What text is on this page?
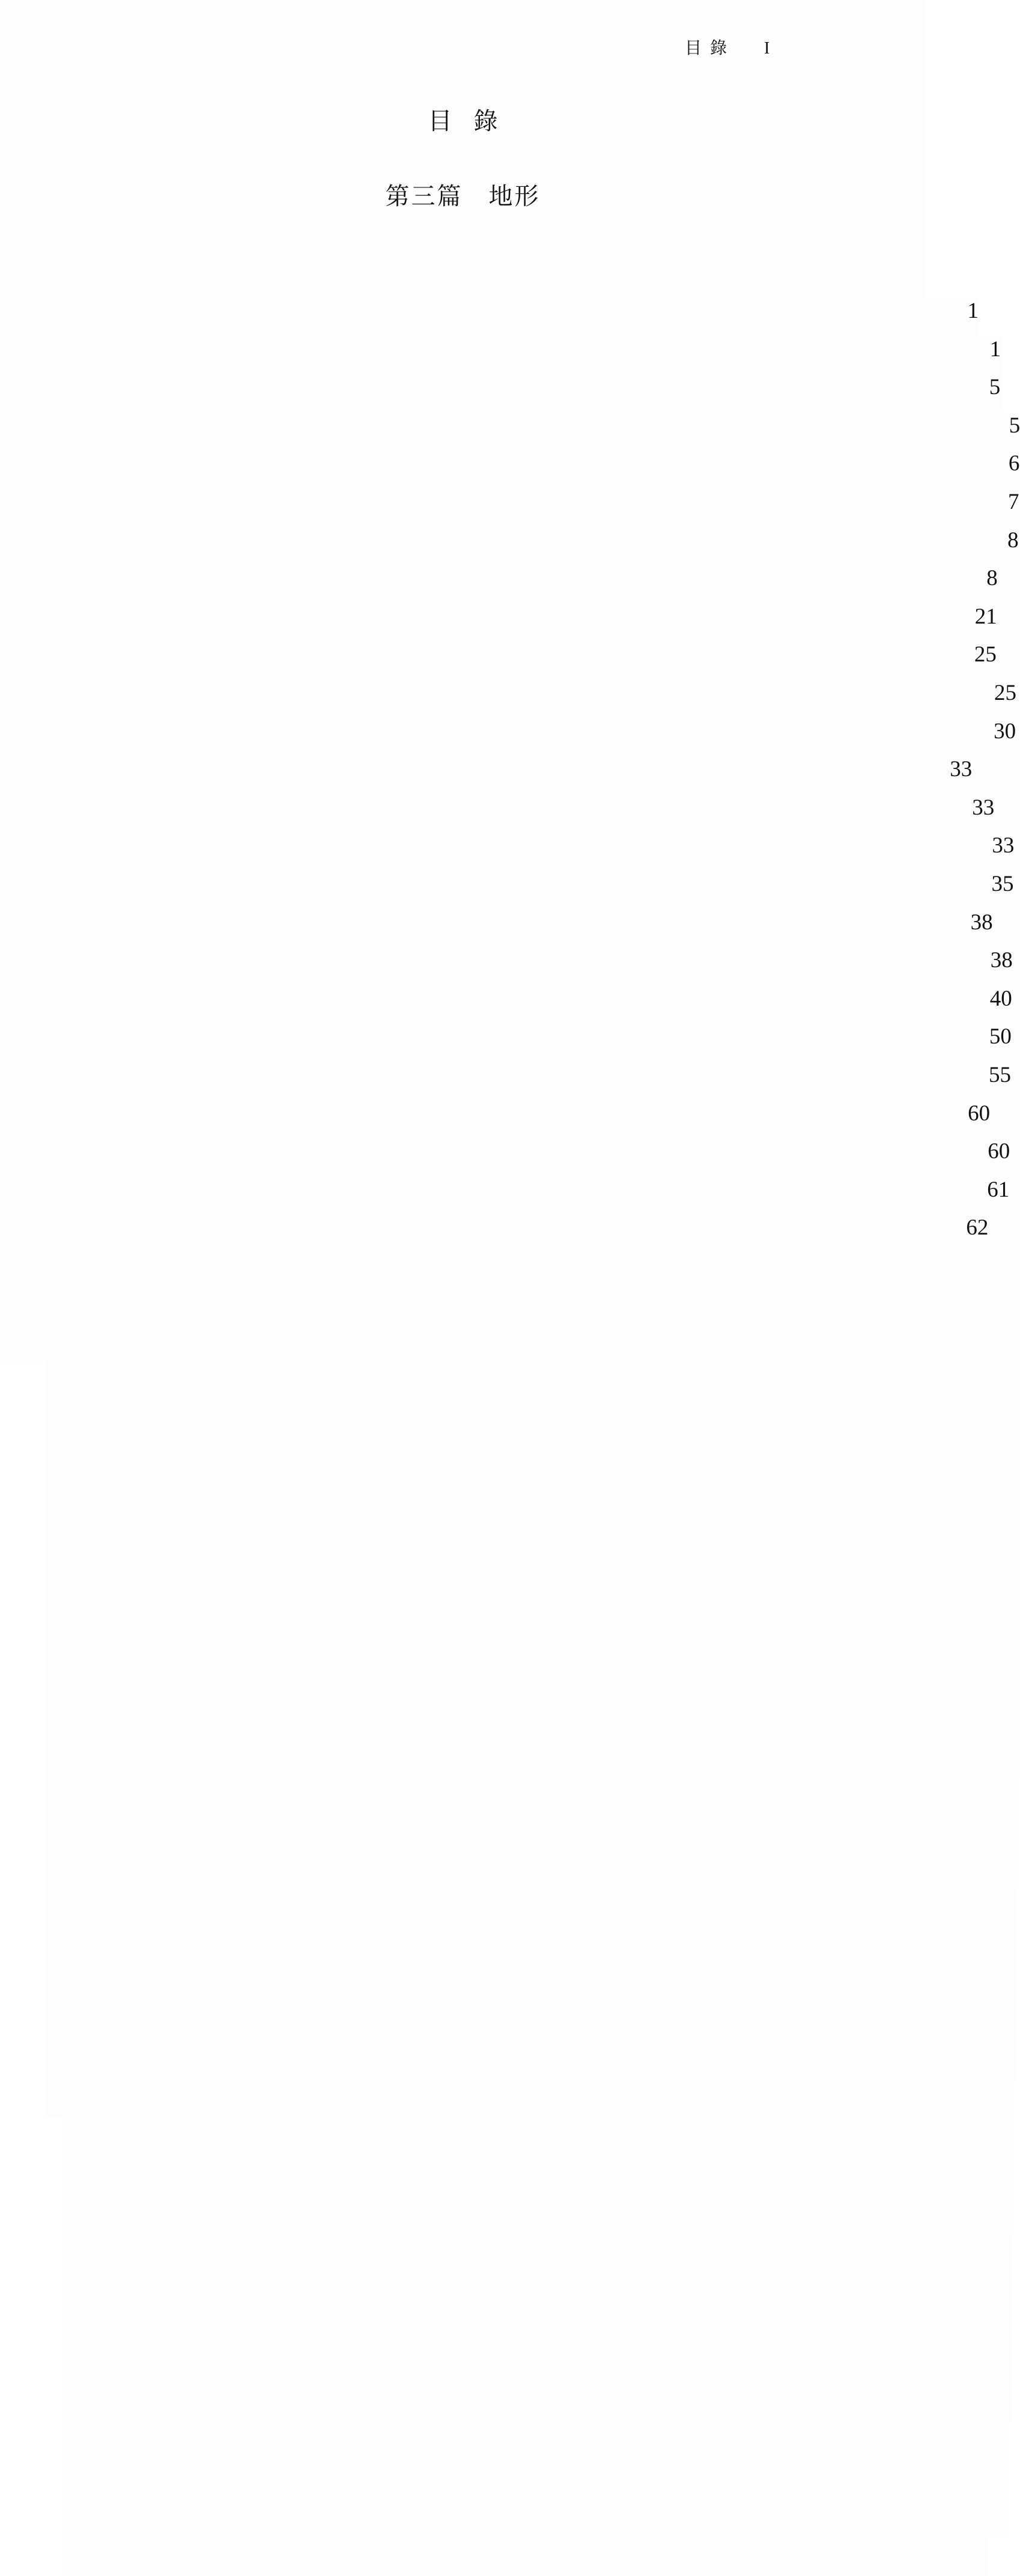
目錄 I
目錄
第三篇　地形
1
1
5
5
6
7
8
8
21
25
25
30
33
33
33
35
38
38
40
50
55
60
60
61
62
